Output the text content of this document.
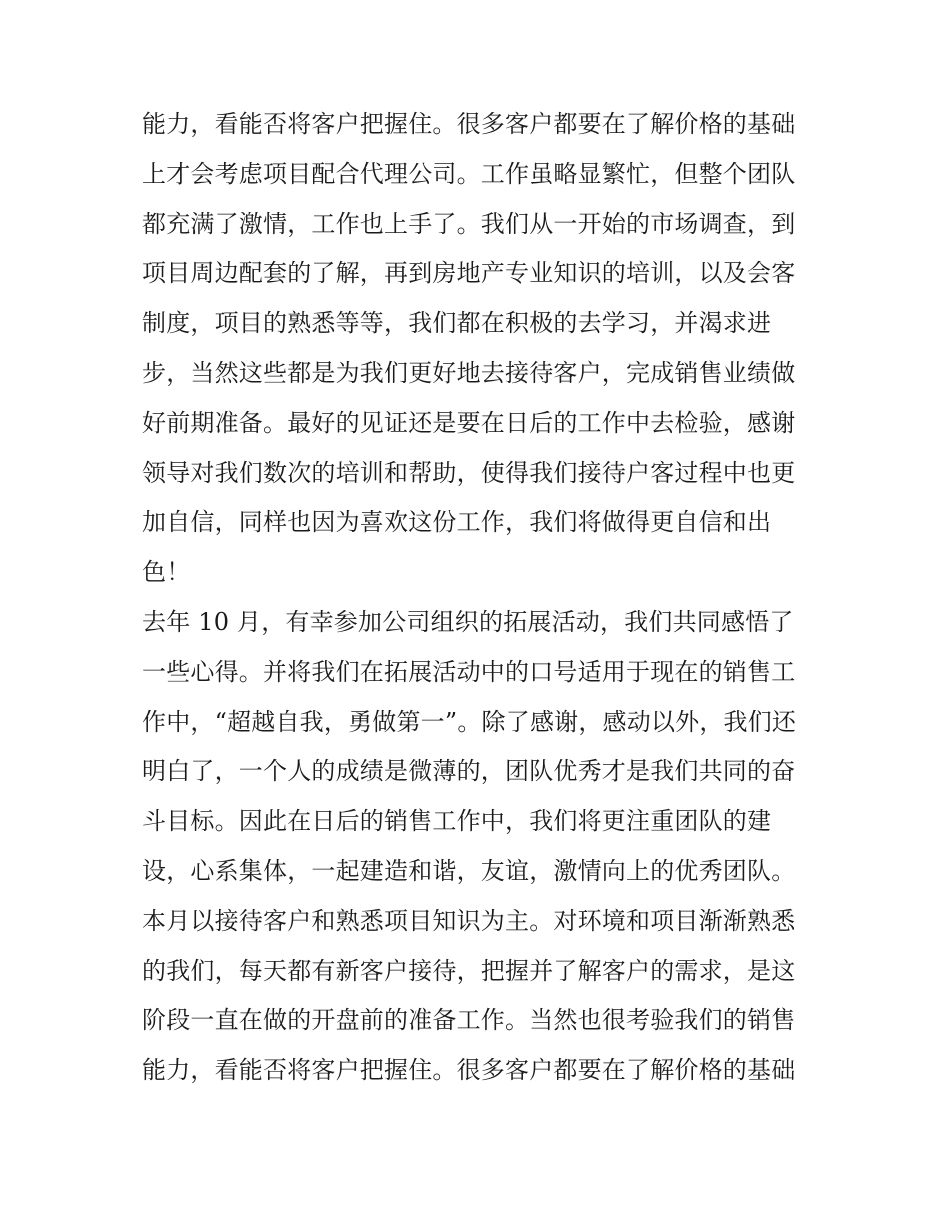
能力，看能否将客户把握住。很多客户都要在了解价格的基础
上才会考虑项目配合代理公司。工作虽略显繁忙，但整个团队
都充满了激情，工作也上手了。我们从一开始的市场调查，到
项目周边配套的了解，再到房地产专业知识的培训，以及会客
制度，项目的熟悉等等，我们都在积极的去学习，并渴求进
步，当然这些都是为我们更好地去接待客户，完成销售业绩做
好前期准备。最好的见证还是要在日后的工作中去检验，感谢
领导对我们数次的培训和帮助，使得我们接待户客过程中也更
加自信，同样也因为喜欢这份工作，我们将做得更自信和出
色！
去年 10 月，有幸参加公司组织的拓展活动，我们共同感悟了
一些心得。并将我们在拓展活动中的口号适用于现在的销售工
作中，“超越自我，勇做第一”。除了感谢，感动以外，我们还
明白了，一个人的成绩是微薄的，团队优秀才是我们共同的奋
斗目标。因此在日后的销售工作中，我们将更注重团队的建
设，心系集体，一起建造和谐，友谊，激情向上的优秀团队。
本月以接待客户和熟悉项目知识为主。对环境和项目渐渐熟悉
的我们，每天都有新客户接待，把握并了解客户的需求，是这
阶段一直在做的开盘前的准备工作。当然也很考验我们的销售
能力，看能否将客户把握住。很多客户都要在了解价格的基础
